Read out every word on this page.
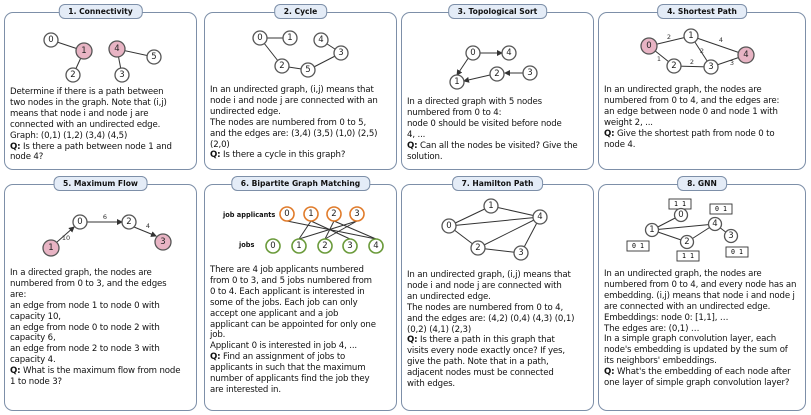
1. Connectivity
0
1
2
4
3
5

Determine if there is a path between

two nodes in the graph. Note that (i,j)

means that node i and node j are

connected with an undirected edge.

Graph: (0,1) (1,2) (3,4) (4,5)

Q: Is there a path between node 1 and

node 4?

2. Cycle
0	1	4
3
2 5

In an undirected graph, (i,j) means that

node i and node j are connected with an

undirected edge.

The nodes are numbered from 0 to 5,

and the edges are: (3,4) (3,5) (1,0) (2,5)

(2,0)

Q: Is there a cycle in this graph?

3. Topological Sort
0	4
1
2	3

In a directed graph with 5 nodes

numbered from 0 to 4:

node 0 should be visited before node

4, ...

Q: Can all the nodes be visited? Give the

solution.

4. Shortest Path
2
1
4
2	3
2
0
1
2	3
4

In an undirected graph, the nodes are

numbered from 0 to 4, and the edges are:

an edge between node 0 and node 1 with

weight 2, ...

Q: Give the shortest path from node 0 to

node 4.

5. Maximum Flow
10
6
4
0	2
3
1

In a directed graph, the nodes are

numbered from 0 to 3, and the edges

are:

an edge from node 1 to node 0 with

capacity 10,

an edge from node 0 to node 2 with

capacity 6,

an edge from node 2 to node 3 with

capacity 4.

Q: What is the maximum flow from node

1 to node 3?

6. Bipartite Graph Matching
job applicants
jobs
0 1 2 3
0 1 2 3 4

There are 4 job applicants numbered

from 0 to 3, and 5 jobs numbered from

0 to 4. Each applicant is interested in

some of the jobs. Each job can only

accept one applicant and a job

applicant can be appointed for only one

job.

Applicant 0 is interested in job 4, ...

Q: Find an assignment of jobs to

applicants in such that the maximum

number of applicants find the job they

are interested in.

7. Hamilton Path
1
0
4
2	3

In an undirected graph, (i,j) means that

node i and node j are connected with

an undirected edge.

The nodes are numbered from 0 to 4,

and the edges are: (4,2) (0,4) (4,3) (0,1)

(0,2) (4,1) (2,3)

Q: Is there a path in this graph that

visits every node exactly once? If yes,

give the path. Note that in a path,

adjacent nodes must be connected

with edges.

8. GNN
1 1
0 1
0 1
1 1	0 1
0
1
4
2
3

In an undirected graph, the nodes are

numbered from 0 to 4, and every node has an

embedding. (i,j) means that node i and node j

are connected with an undirected edge.

Embeddings: node 0: [1,1], …

The edges are: (0,1) …

In a simple graph convolution layer, each

node's embedding is updated by the sum of

its neighbors' embeddings.

Q: What's the embedding of each node after

one layer of simple graph convolution layer?
